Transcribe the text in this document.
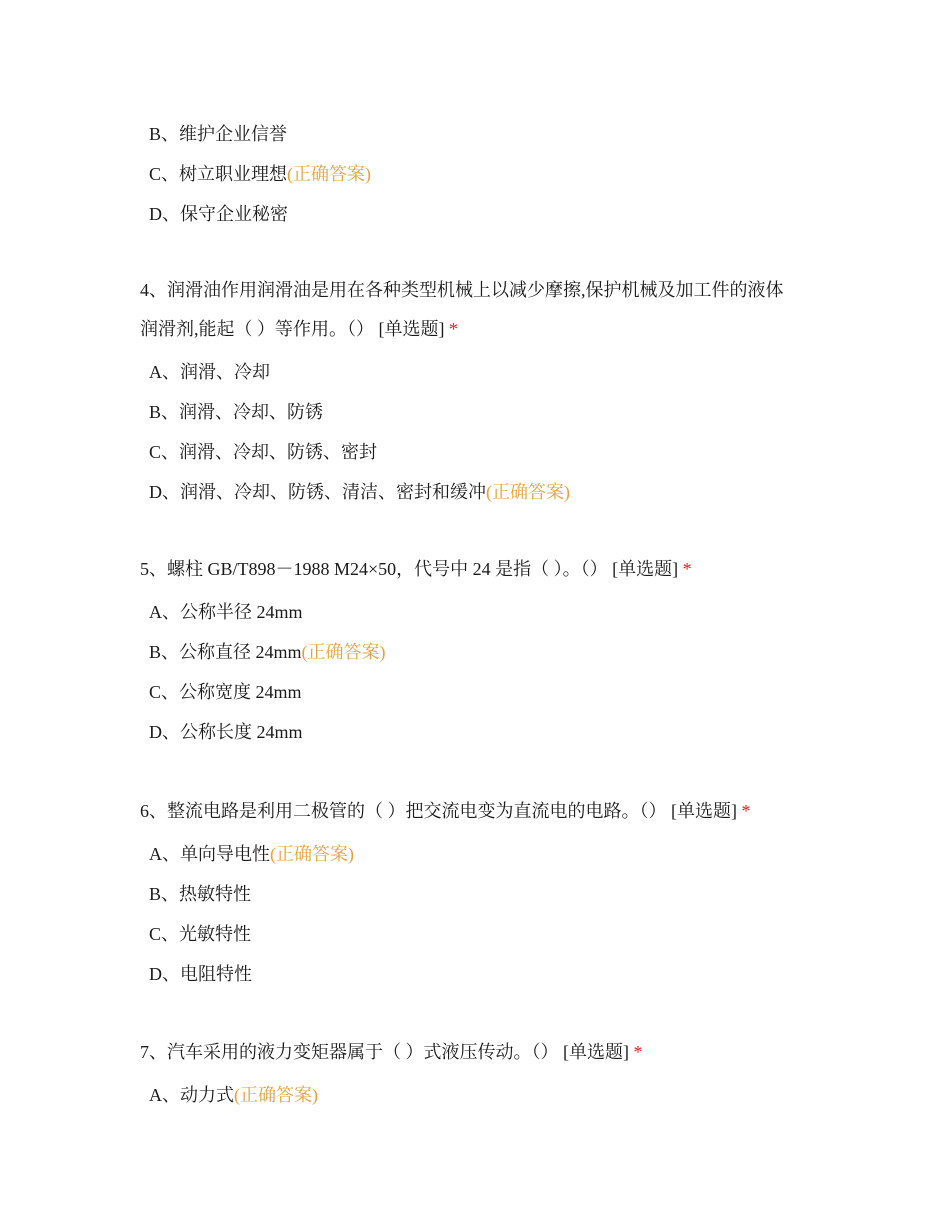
B、维护企业信誉
C、树立职业理想(正确答案)
D、保守企业秘密

4、润滑油作用润滑油是用在各种类型机械上以减少摩擦,保护机械及加工件的液体
润滑剂,能起（ ）等作用。（） [单选题] *

A、润滑、冷却
B、润滑、冷却、防锈
C、润滑、冷却、防锈、密封
D、润滑、冷却、防锈、清洁、密封和缓冲(正确答案)

5、螺柱 GB/T898－1988 M24×50，代号中 24 是指（ ）。（） [单选题] *

A、公称半径 24mm
B、公称直径 24mm(正确答案)
C、公称宽度 24mm
D、公称长度 24mm

6、整流电路是利用二极管的（ ）把交流电变为直流电的电路。（） [单选题] *

A、单向导电性(正确答案)
B、热敏特性
C、光敏特性
D、电阻特性

7、汽车采用的液力变矩器属于（ ）式液压传动。（） [单选题] *

A、动力式(正确答案)
